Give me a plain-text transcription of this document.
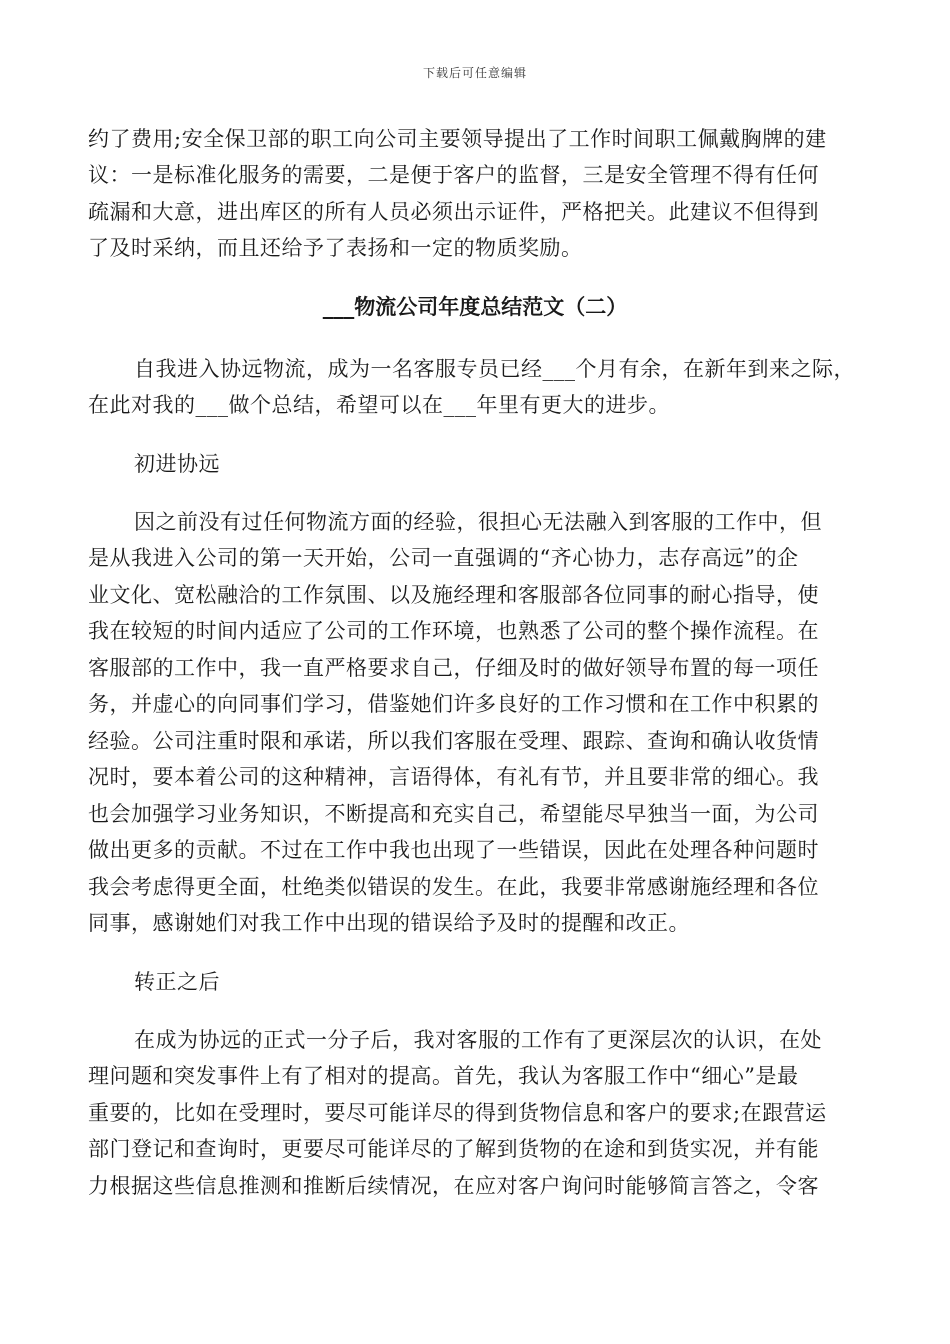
下载后可任意编辑
约了费用;安全保卫部的职工向公司主要领导提出了工作时间职工佩戴胸牌的建
议：一是标准化服务的需要，二是便于客户的监督，三是安全管理不得有任何
疏漏和大意，进出库区的所有人员必须出示证件，严格把关。此建议不但得到
了及时采纳，而且还给予了表扬和一定的物质奖励。
___物流公司年度总结范文（二）
自我进入协远物流，成为一名客服专员已经___个月有余，在新年到来之际，
在此对我的___做个总结，希望可以在___年里有更大的进步。
初进协远
因之前没有过任何物流方面的经验，很担心无法融入到客服的工作中，但
是从我进入公司的第一天开始，公司一直强调的“齐心协力，志存高远”的企
业文化、宽松融洽的工作氛围、以及施经理和客服部各位同事的耐心指导，使
我在较短的时间内适应了公司的工作环境，也熟悉了公司的整个操作流程。在
客服部的工作中，我一直严格要求自己，仔细及时的做好领导布置的每一项任
务，并虚心的向同事们学习，借鉴她们许多良好的工作习惯和在工作中积累的
经验。公司注重时限和承诺，所以我们客服在受理、跟踪、查询和确认收货情
况时，要本着公司的这种精神，言语得体，有礼有节，并且要非常的细心。我
也会加强学习业务知识，不断提高和充实自己，希望能尽早独当一面，为公司
做出更多的贡献。不过在工作中我也出现了一些错误，因此在处理各种问题时
我会考虑得更全面，杜绝类似错误的发生。在此，我要非常感谢施经理和各位
同事，感谢她们对我工作中出现的错误给予及时的提醒和改正。
转正之后
在成为协远的正式一分子后，我对客服的工作有了更深层次的认识，在处
理问题和突发事件上有了相对的提高。首先，我认为客服工作中“细心”是最
重要的，比如在受理时，要尽可能详尽的得到货物信息和客户的要求;在跟营运
部门登记和查询时，更要尽可能详尽的了解到货物的在途和到货实况，并有能
力根据这些信息推测和推断后续情况，在应对客户询问时能够简言答之，令客
